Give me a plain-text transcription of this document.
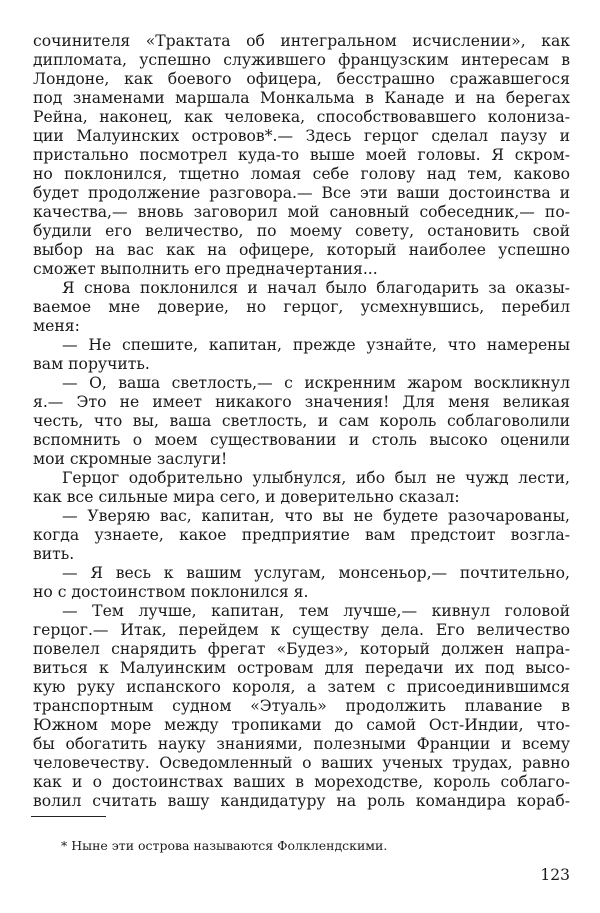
сочинителя «Трактата об интегральном исчислении», как
дипломата, успешно служившего французским интересам в
Лондоне, как боевого офицера, бесстрашно сражавшегося
под знаменами маршала Монкальма в Канаде и на берегах
Рейна, наконец, как человека, способствовавшего колониза-
ции Малуинских островов*.— Здесь герцог сделал паузу и
пристально посмотрел куда-то выше моей головы. Я скром-
но поклонился, тщетно ломая себе голову над тем, каково
будет продолжение разговора.— Все эти ваши достоинства и
качества,— вновь заговорил мой сановный собеседник,— по-
будили его величество, по моему совету, остановить свой
выбор на вас как на офицере, который наиболее успешно
сможет выполнить его предначертания...
Я снова поклонился и начал было благодарить за оказы-
ваемое мне доверие, но герцог, усмехнувшись, перебил
меня:
— Не спешите, капитан, прежде узнайте, что намерены
вам поручить.
— О, ваша светлость,— с искренним жаром воскликнул
я.— Это не имеет никакого значения! Для меня великая
честь, что вы, ваша светлость, и сам король соблаговолили
вспомнить о моем существовании и столь высоко оценили
мои скромные заслуги!
Герцог одобрительно улыбнулся, ибо был не чужд лести,
как все сильные мира сего, и доверительно сказал:
— Уверяю вас, капитан, что вы не будете разочарованы,
когда узнаете, какое предприятие вам предстоит возгла-
вить.
— Я весь к вашим услугам, монсеньор,— почтительно,
но с достоинством поклонился я.
— Тем лучше, капитан, тем лучше,— кивнул головой
герцог.— Итак, перейдем к существу дела. Его величество
повелел снарядить фрегат «Будез», который должен напра-
виться к Малуинским островам для передачи их под высо-
кую руку испанского короля, а затем с присоединившимся
транспортным судном «Этуаль» продолжить плавание в
Южном море между тропиками до самой Ост-Индии, что-
бы обогатить науку знаниями, полезными Франции и всему
человечеству. Осведомленный о ваших ученых трудах, равно
как и о достоинствах ваших в мореходстве, король соблаго-
волил считать вашу кандидатуру на роль командира кораб-
* Ныне эти острова называются Фолклендскими.
123
